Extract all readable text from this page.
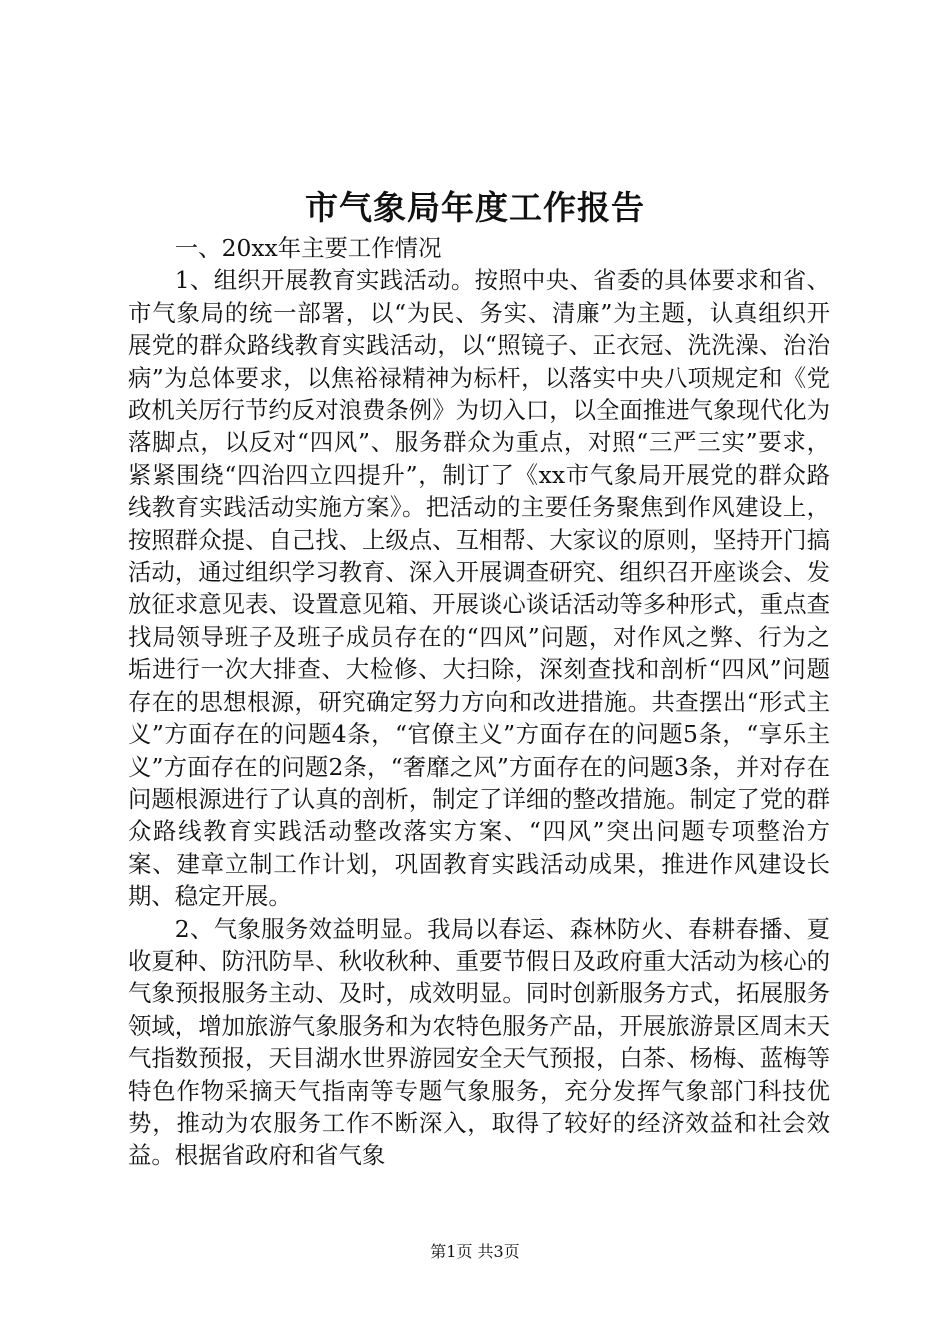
市气象局年度工作报告

一、20xx年主要工作情况

1、组织开展教育实践活动。按照中央、省委的具体要求和省、市气象局的统一部署，以“为民、务实、清廉”为主题，认真组织开展党的群众路线教育实践活动，以“照镜子、正衣冠、洗洗澡、治治病”为总体要求，以焦裕禄精神为标杆，以落实中央八项规定和《党政机关厉行节约反对浪费条例》为切入口，以全面推进气象现代化为落脚点，以反对“四风”、服务群众为重点，对照“三严三实”要求，紧紧围绕“四治四立四提升”，制订了《xx市气象局开展党的群众路线教育实践活动实施方案》。把活动的主要任务聚焦到作风建设上，按照群众提、自己找、上级点、互相帮、大家议的原则，坚持开门搞活动，通过组织学习教育、深入开展调查研究、组织召开座谈会、发放征求意见表、设置意见箱、开展谈心谈话活动等多种形式，重点查找局领导班子及班子成员存在的“四风”问题，对作风之弊、行为之垢进行一次大排查、大检修、大扫除，深刻查找和剖析“四风”问题存在的思想根源，研究确定努力方向和改进措施。共查摆出“形式主义”方面存在的问题4条，“官僚主义”方面存在的问题5条，“享乐主义”方面存在的问题2条，“奢靡之风”方面存在的问题3条，并对存在问题根源进行了认真的剖析，制定了详细的整改措施。制定了党的群众路线教育实践活动整改落实方案、“四风”突出问题专项整治方案、建章立制工作计划，巩固教育实践活动成果，推进作风建设长期、稳定开展。

2、气象服务效益明显。我局以春运、森林防火、春耕春播、夏收夏种、防汛防旱、秋收秋种、重要节假日及政府重大活动为核心的气象预报服务主动、及时，成效明显。同时创新服务方式，拓展服务领域，增加旅游气象服务和为农特色服务产品，开展旅游景区周末天气指数预报，天目湖水世界游园安全天气预报，白茶、杨梅、蓝梅等特色作物采摘天气指南等专题气象服务，充分发挥气象部门科技优势，推动为农服务工作不断深入，取得了较好的经济效益和社会效益。根据省政府和省气象

第1页 共3页
